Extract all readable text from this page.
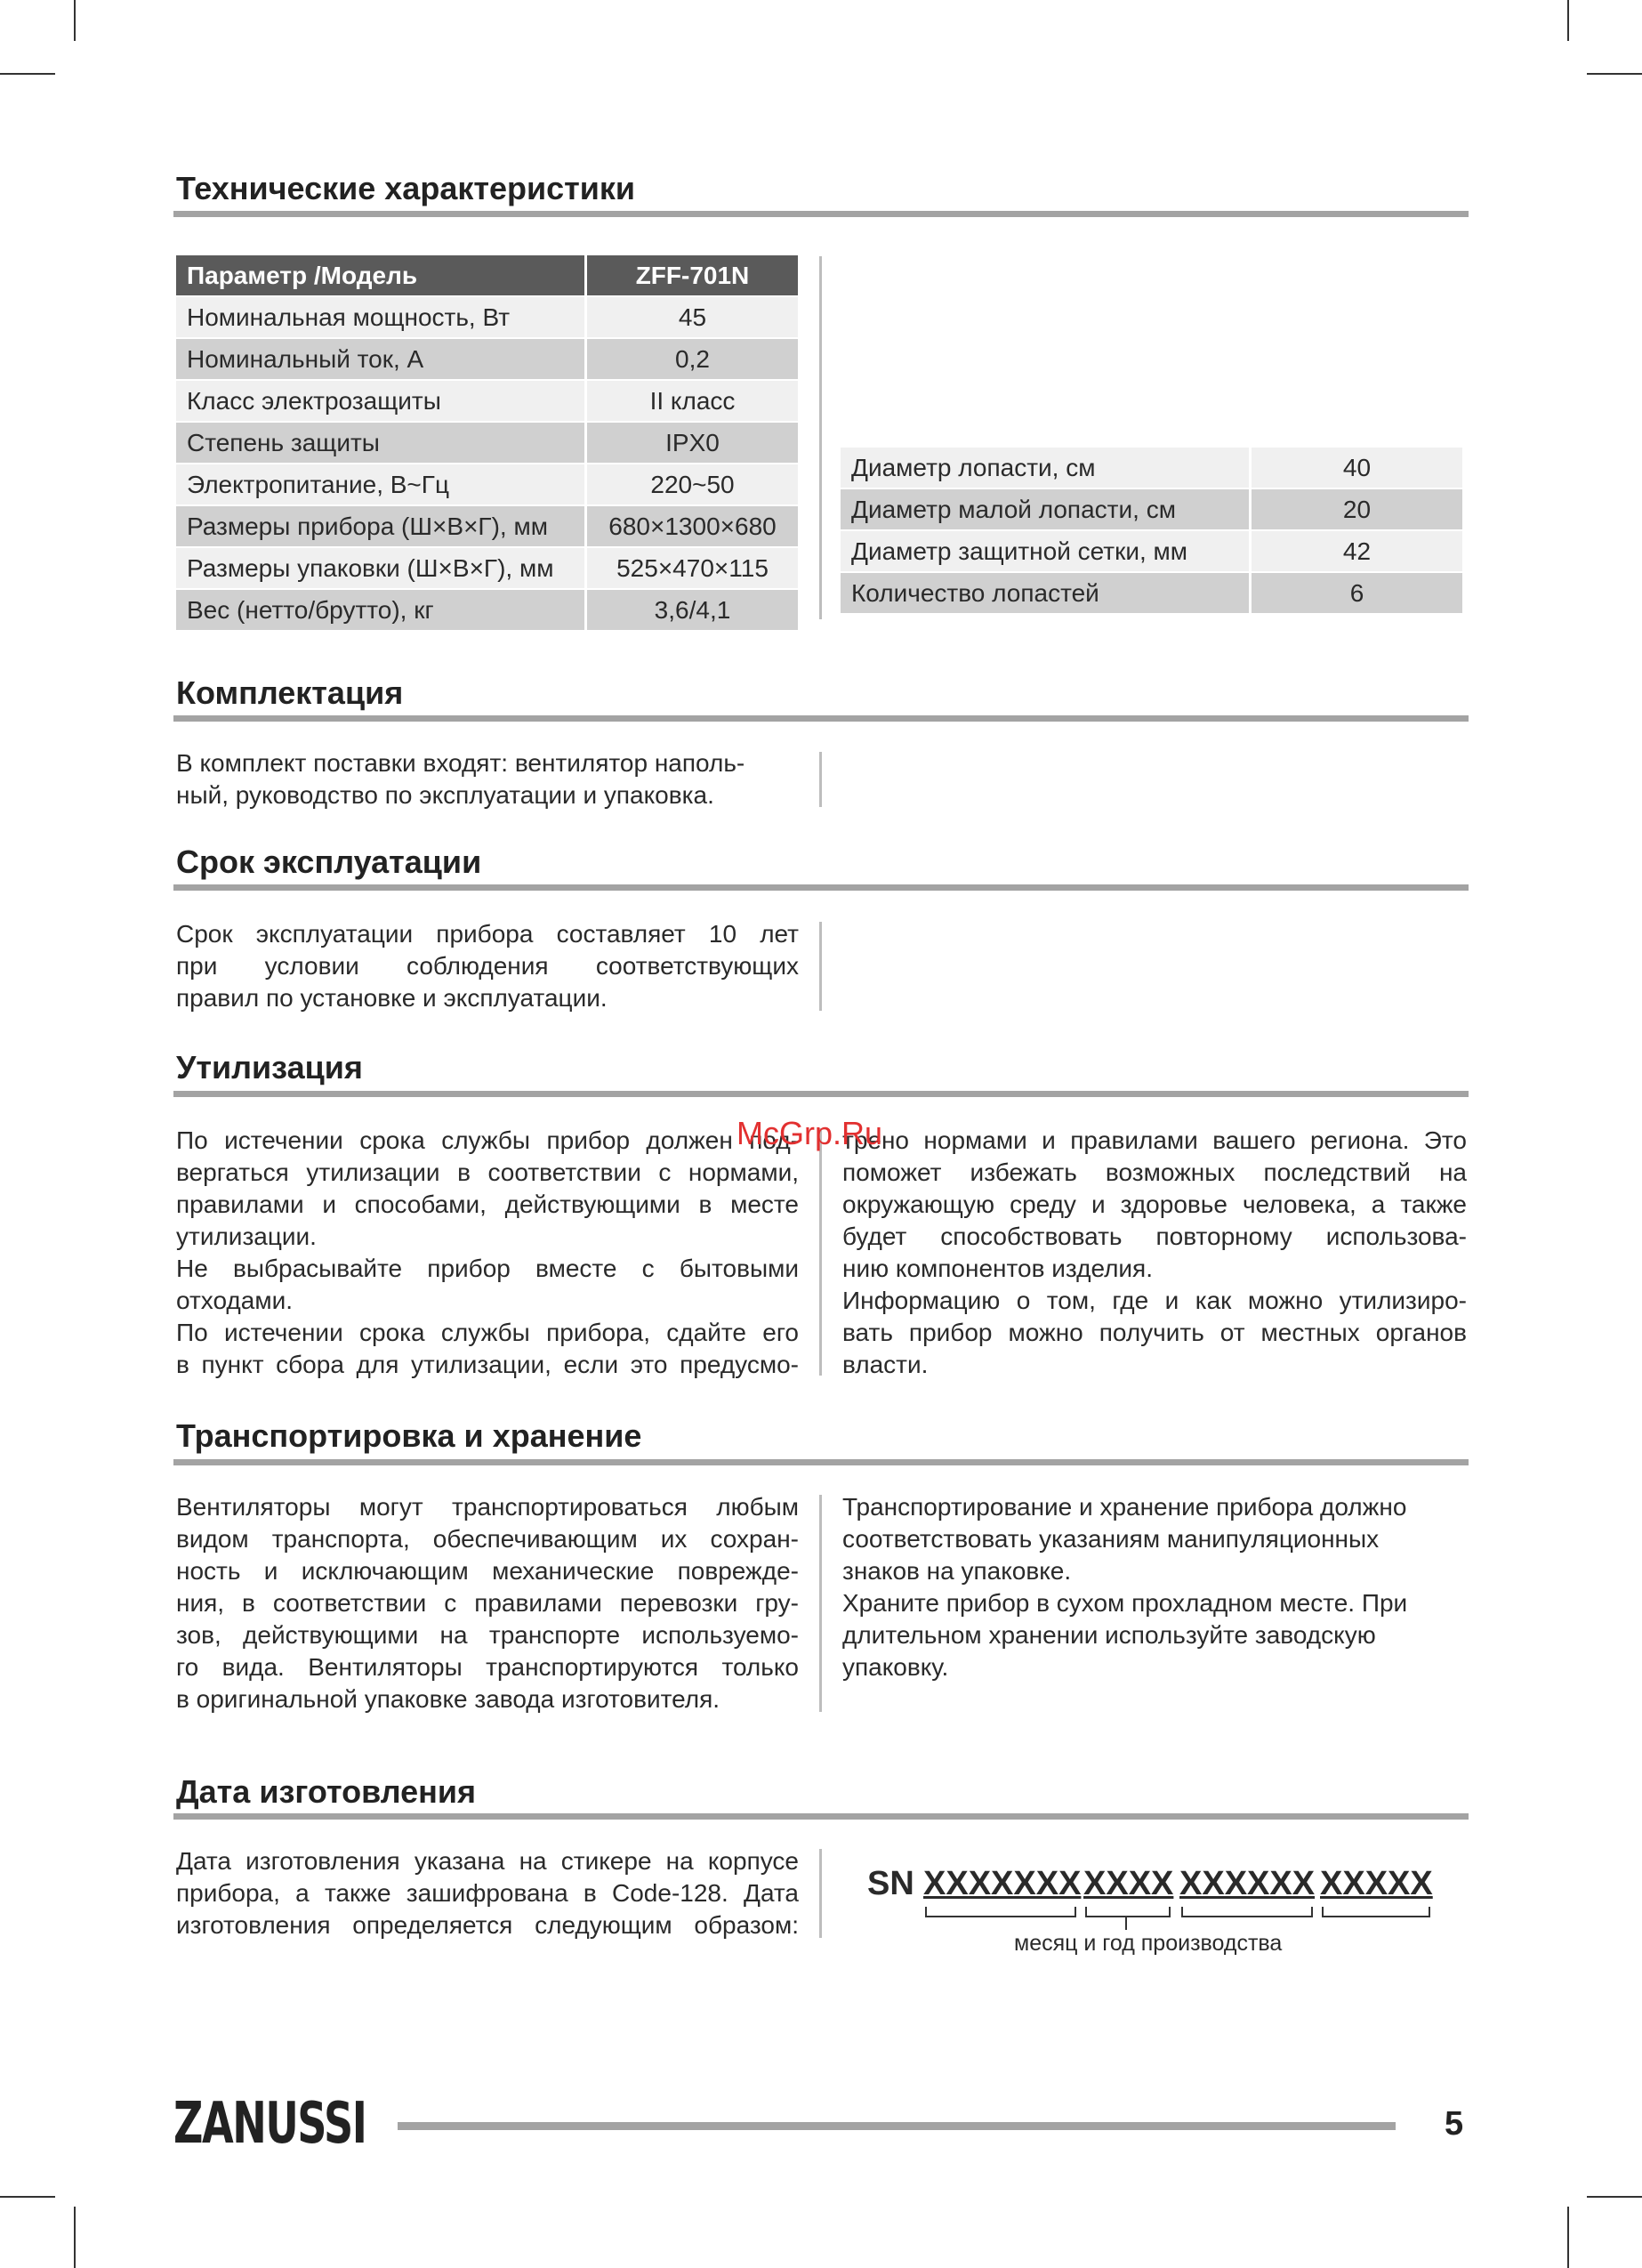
Технические характеристики
Параметр /Модель	ZFF-701N
Номинальная мощность, Вт	45
Номинальный ток, А	0,2
Класс электрозащиты	II класс
Степень защиты	IPX0
Электропитание, В~Гц	220~50
Размеры прибора (Ш×В×Г), мм	680×1300×680
Размеры упаковки (Ш×В×Г), мм	525×470×115
Вес (нетто/брутто), кг	3,6/4,1
Диаметр лопасти, см	40
Диаметр малой лопасти, см	20
Диаметр защитной сетки, мм	42
Количество лопастей	6
Комплектация
В комплект поставки входят: вентилятор наполь-
ный, руководство по эксплуатации и упаковка.
Срок эксплуатации
Срок эксплуатации прибора составляет 10 лет
при условии соблюдения соответствующих
правил по установке и эксплуатации.
Утилизация
По истечении срока службы прибор должен под-
вергаться утилизации в соответствии с нормами,
правилами и способами, действующими в месте
утилизации.
Не выбрасывайте прибор вместе с бытовыми
отходами.
По истечении срока службы прибора, сдайте его
в пункт сбора для утилизации, если это предусмо-
трено нормами и правилами вашего региона. Это
поможет избежать возможных последствий на
окружающую среду и здоровье человека, а также
будет способствовать повторному использова-
нию компонентов изделия.
Информацию о том, где и как можно утилизиро-
вать прибор можно получить от местных органов
власти.
McGrp.Ru
Транспортировка и хранение
Вентиляторы могут транспортироваться любым
видом транспорта, обеспечивающим их сохран-
ность и исключающим механические поврежде-
ния, в соответствии с правилами перевозки гру-
зов, действующими на транспорте используемо-
го вида. Вентиляторы транспортируются только
в оригинальной упаковке завода изготовителя.
Транспортирование и хранение прибора должно
соответствовать указаниям манипуляционных
знаков на упаковке.
Храните прибор в сухом прохладном месте. При
длительном хранении используйте заводскую
упаковку.
Дата изготовления
Дата изготовления указана на стикере на корпусе
прибора, а также зашифрована в Code-128. Дата
изготовления определяется следующим образом:
SN XXXXXXX XXXX XXXXXX XXXXX
месяц и год производства
ZANUSSI	5
